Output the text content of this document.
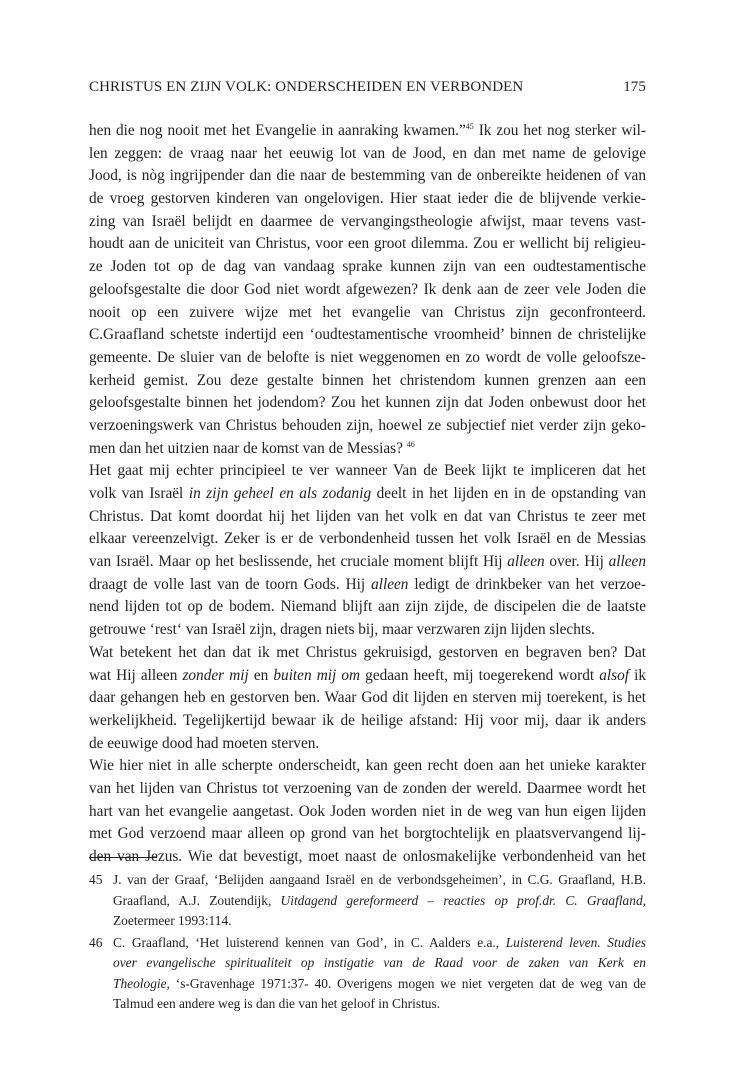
CHRISTUS EN ZIJN VOLK: ONDERSCHEIDEN EN VERBONDEN	175
hen die nog nooit met het Evangelie in aanraking kwamen.”$^{45}$ Ik zou het nog sterker wil-
len zeggen: de vraag naar het eeuwig lot van de Jood, en dan met name de gelovige
Jood, is nòg ingrijpender dan die naar de bestemming van de onbereikte heidenen of van
de vroeg gestorven kinderen van ongelovigen. Hier staat ieder die de blijvende verkie-
zing van Israël belijdt en daarmee de vervangingstheologie afwijst, maar tevens vast-
houdt aan de uniciteit van Christus, voor een groot dilemma. Zou er wellicht bij religieu-
ze Joden tot op de dag van vandaag sprake kunnen zijn van een oudtestamentische
geloofsgestalte die door God niet wordt afgewezen? Ik denk aan de zeer vele Joden die
nooit op een zuivere wijze met het evangelie van Christus zijn geconfronteerd.
C.Graafland schetste indertijd een ‘oudtestamentische vroomheid’ binnen de christelijke
gemeente. De sluier van de belofte is niet weggenomen en zo wordt de volle geloofsze-
kerheid gemist. Zou deze gestalte binnen het christendom kunnen grenzen aan een
geloofsgestalte binnen het jodendom? Zou het kunnen zijn dat Joden onbewust door het
verzoeningswerk van Christus behouden zijn, hoewel ze subjectief niet verder zijn geko-
men dan het uitzien naar de komst van de Messias? $^{46}$
Het gaat mij echter principieel te ver wanneer Van de Beek lijkt te impliceren dat het
volk van Israël in zijn geheel en als zodanig deelt in het lijden en in de opstanding van
Christus. Dat komt doordat hij het lijden van het volk en dat van Christus te zeer met
elkaar vereenzelvigt. Zeker is er de verbondenheid tussen het volk Israël en de Messias
van Israël. Maar op het beslissende, het cruciale moment blijft Hij alleen over. Hij alleen
draagt de volle last van de toorn Gods. Hij alleen ledigt de drinkbeker van het verzoe-
nend lijden tot op de bodem. Niemand blijft aan zijn zijde, de discipelen die de laatste
getrouwe ‘rest‘ van Israël zijn, dragen niets bij, maar verzwaren zijn lijden slechts.
Wat betekent het dan dat ik met Christus gekruisigd, gestorven en begraven ben? Dat
wat Hij alleen zonder mij en buiten mij om gedaan heeft, mij toegerekend wordt alsof ik
daar gehangen heb en gestorven ben. Waar God dit lijden en sterven mij toerekent, is het
werkelijkheid. Tegelijkertijd bewaar ik de heilige afstand: Hij voor mij, daar ik anders
de eeuwige dood had moeten sterven.
Wie hier niet in alle scherpte onderscheidt, kan geen recht doen aan het unieke karakter
van het lijden van Christus tot verzoening van de zonden der wereld. Daarmee wordt het
hart van het evangelie aangetast. Ook Joden worden niet in de weg van hun eigen lijden
met God verzoend maar alleen op grond van het borgtochtelijk en plaatsvervangend lij-
den van Jezus. Wie dat bevestigt, moet naast de onlosmakelijke verbondenheid van het
45 J. van der Graaf, ‘Belijden aangaand Israël en de verbondsgeheimen’, in C.G. Graafland, H.B.
Graafland, A.J. Zoutendijk, Uitdagend gereformeerd – reacties op prof.dr. C. Graafland,
Zoetermeer 1993:114.
46 C. Graafland, ‘Het luisterend kennen van God’, in C. Aalders e.a., Luisterend leven. Studies
over evangelische spiritualiteit op instigatie van de Raad voor de zaken van Kerk en
Theologie, ‘s-Gravenhage 1971:37- 40. Overigens mogen we niet vergeten dat de weg van de
Talmud een andere weg is dan die van het geloof in Christus.
